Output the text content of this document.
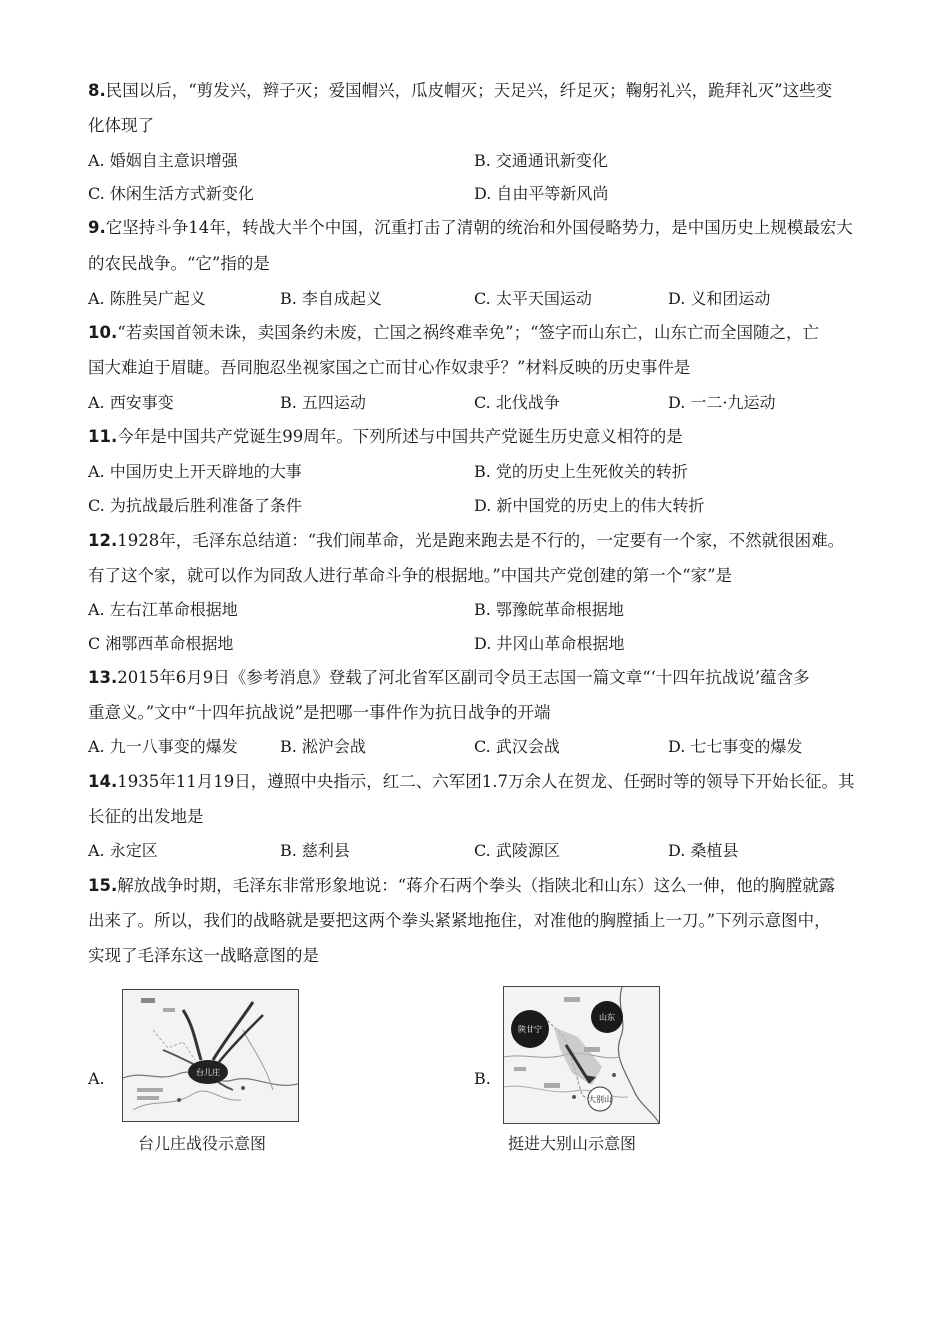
8.民国以后，“剪发兴，辫子灭；爱国帽兴，瓜皮帽灭；天足兴，纤足灭；鞠躬礼兴，跪拜礼灭”这些变
化体现了
A. 婚姻自主意识增强	B. 交通通讯新变化
C. 休闲生活方式新变化	D. 自由平等新风尚
9.它坚持斗争14年，转战大半个中国，沉重打击了清朝的统治和外国侵略势力，是中国历史上规模最宏大
的农民战争。“它”指的是
A. 陈胜吴广起义	B. 李自成起义	C. 太平天国运动	D. 义和团运动
10.“若卖国首领未诛，卖国条约未废，亡国之祸终难幸免”；“签字而山东亡，山东亡而全国随之，亡
国大难迫于眉睫。吾同胞忍坐视家国之亡而甘心作奴隶乎？”材料反映的历史事件是
A. 西安事变	B. 五四运动	C. 北伐战争	D. 一二·九运动
11.今年是中国共产党诞生99周年。下列所述与中国共产党诞生历史意义相符的是
A. 中国历史上开天辟地的大事	B. 党的历史上生死攸关的转折
C. 为抗战最后胜利准备了条件	D. 新中国党的历史上的伟大转折
12.1928年，毛泽东总结道：“我们闹革命，光是跑来跑去是不行的，一定要有一个家，不然就很困难。
有了这个家，就可以作为同敌人进行革命斗争的根据地。”中国共产党创建的第一个“家”是
A. 左右江革命根据地	B. 鄂豫皖革命根据地
C 湘鄂西革命根据地	D. 井冈山革命根据地
13.2015年6月9日《参考消息》登载了河北省军区副司令员王志国一篇文章“‘十四年抗战说’蕴含多
重意义。”文中“十四年抗战说”是把哪一事件作为抗日战争的开端
A. 九一八事变的爆发	B. 淞沪会战	C. 武汉会战	D. 七七事变的爆发
14.1935年11月19日，遵照中央指示，红二、六军团1.7万余人在贺龙、任弼时等的领导下开始长征。其
长征的出发地是
A. 永定区	B. 慈利县	C. 武陵源区	D. 桑植县
15.解放战争时期，毛泽东非常形象地说：“蒋介石两个拳头（指陕北和山东）这么一伸，他的胸膛就露
出来了。所以，我们的战略就是要把这两个拳头紧紧地拖住，对准他的胸膛插上一刀。”下列示意图中，
实现了毛泽东这一战略意图的是
A.	台儿庄
台儿庄战役示意图
B.
陕甘宁
山东
大别山
挺进大别山示意图
